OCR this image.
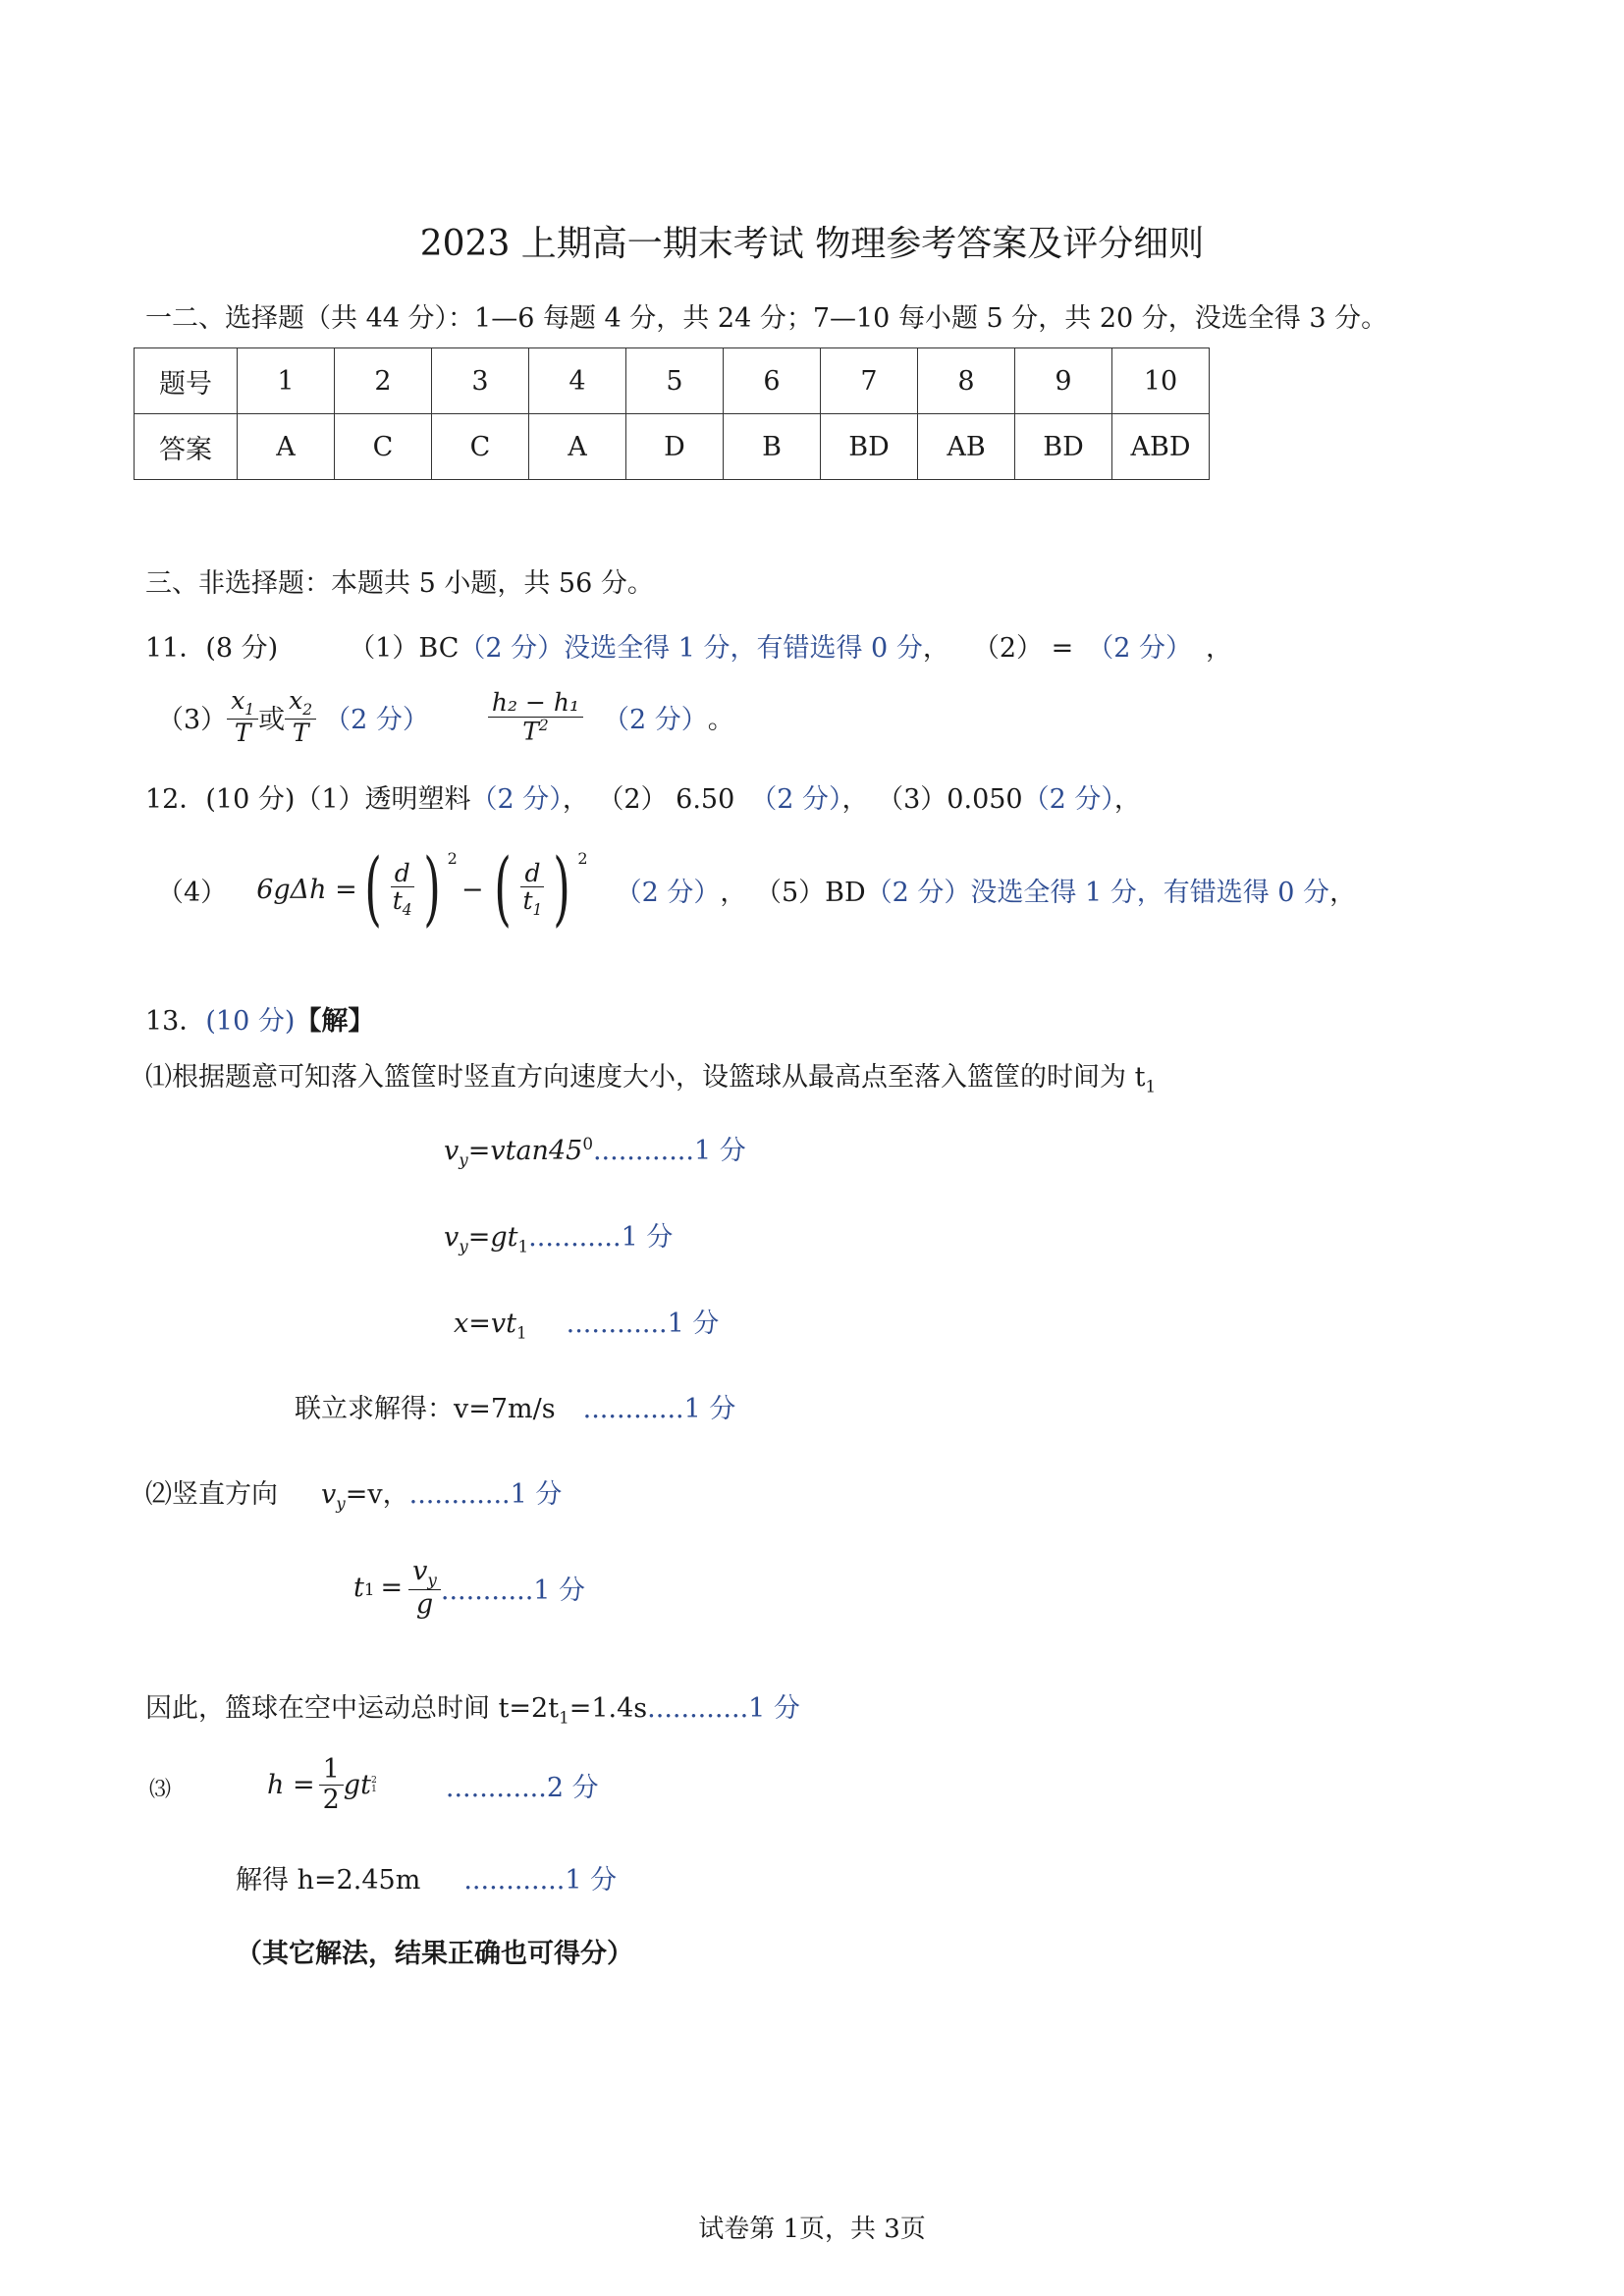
2023 上期高一期末考试 物理参考答案及评分细则
一二、选择题（共 44 分）：1—6 每题 4 分，共 24 分；7—10 每小题 5 分，共 20 分，没选全得 3 分。
题号	1	2	3	4	5	6	7	8	9	10
答案	A	C	C	A	D	B	BD	AB	BD	ABD
三、非选择题：本题共 5 小题，共 56 分。
11．(8 分)	（1）BC（2 分）没选全得 1 分，有错选得 0 分， （2） = （2 分） ，
$(3) \frac{x_1}{T}$ 或 $\frac{x_2}{T} (2$ 分） $\frac{\text{h₂ − h₁}}{T^2} (2$ 分） 。
12．(10 分)（1）透明塑料（2 分）， （2） 6.50 （2 分）， （3）0.050（2 分），
（4） 6gΔh = ( $\frac{d}{t_4}$ ) $^2$
− ( $\frac{d}{t_1}$ ) $^2$
（2 分） ， （5）BD （2 分）没选全得 1 分，有错选得 0 分 ，
13．(10 分)【解】
⑴根据题意可知落入篮筐时竖直方向速度大小，设篮球从最高点至落入篮筐的时间为 $t_1$
$v_y=vtan45^0............1$ 分
$v_y=gt_1...........1$ 分
$x=vt_1$ ............1 分
联立求解得：v=7m/s ............1 分
⑵竖直方向 $v_y=v$，............1 分
t $1 = \frac{v_y}{g} ...........1$ 分
因此，篮球在空中运动总时间 $t=2t_1=1.4s............1$ 分
⑶	$h = \frac{1}{2}$ gt 2
1	............2 分
解得 h=2.45m ............1 分
（其它解法，结果正确也可得分）
试卷第 1页，共 3页
